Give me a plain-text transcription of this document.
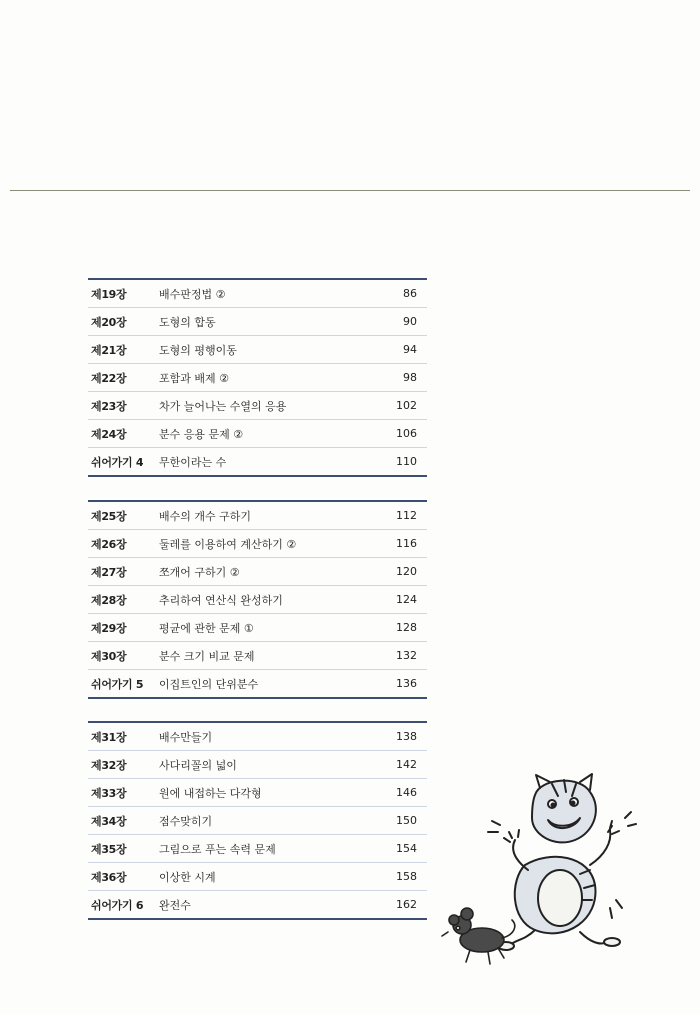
제19장	배수판정법 ②	86
제20장	도형의 합동	90
제21장	도형의 평행이동	94
제22장	포함과 배제 ②	98
제23장	차가 늘어나는 수열의 응용	102
제24장	분수 응용 문제 ②	106
쉬어가기 4	무한이라는 수	110
제25장	배수의 개수 구하기	112
제26장	둘레를 이용하여 계산하기 ②	116
제27장	쪼개어 구하기 ②	120
제28장	추리하여 연산식 완성하기	124
제29장	평균에 관한 문제 ①	128
제30장	분수 크기 비교 문제	132
쉬어가기 5	이집트인의 단위분수	136
제31장	배수만들기	138
제32장	사다리꼴의 넓이	142
제33장	원에 내접하는 다각형	146
제34장	점수맞히기	150
제35장	그림으로 푸는 속력 문제	154
제36장	이상한 시계	158
쉬어가기 6	완전수	162
